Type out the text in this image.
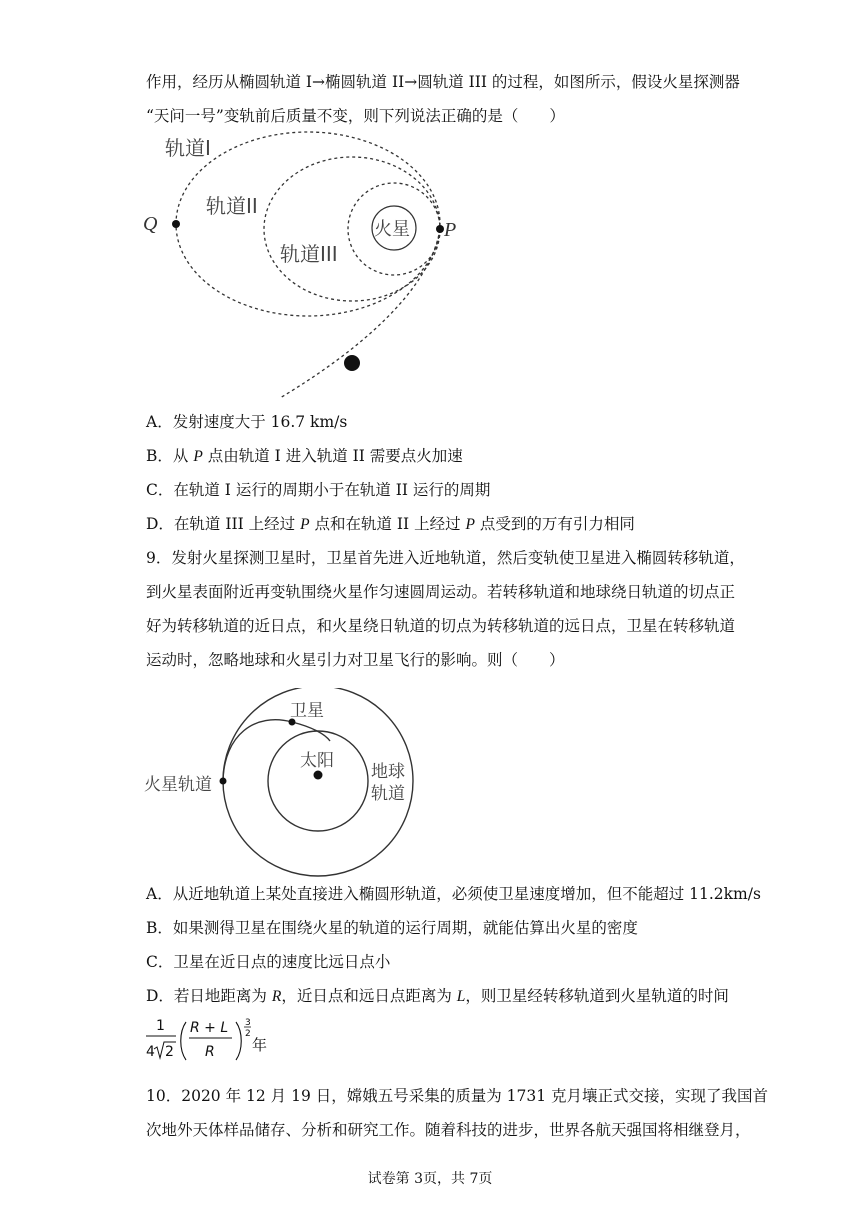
作用，经历从椭圆轨道 I→椭圆轨道 II→圆轨道 III 的过程，如图所示，假设火星探测器
“天问一号”变轨前后质量不变，则下列说法正确的是（　　）
轨道I
轨道II
轨道III
火星
Q	P
A．发射速度大于 16.7 km/s
B．从 P 点由轨道 I 进入轨道 II 需要点火加速
C．在轨道 I 运行的周期小于在轨道 II 运行的周期
D．在轨道 III 上经过 P 点和在轨道 II 上经过 P 点受到的万有引力相同
9．发射火星探测卫星时，卫星首先进入近地轨道，然后变轨使卫星进入椭圆转移轨道，
到火星表面附近再变轨围绕火星作匀速圆周运动。若转移轨道和地球绕日轨道的切点正
好为转移轨道的近日点，和火星绕日轨道的切点为转移轨道的远日点，卫星在转移轨道
运动时，忽略地球和火星引力对卫星飞行的影响。则（　　）
卫星
太阳
地球
轨道
火星轨道
A．从近地轨道上某处直接进入椭圆形轨道，必须使卫星速度增加，但不能超过 11.2km/s
B．如果测得卫星在围绕火星的轨道的运行周期，就能估算出火星的密度
C．卫星在近日点的速度比远日点小
D．若日地距离为 R，近日点和远日点距离为 L，则卫星经转移轨道到火星轨道的时间
1
4 2
R + L
R
3
2
年
10．2020 年 12 月 19 日，嫦娥五号采集的质量为 1731 克月壤正式交接，实现了我国首
次地外天体样品储存、分析和研究工作。随着科技的进步，世界各航天强国将相继登月，
试卷第 3页，共 7页
